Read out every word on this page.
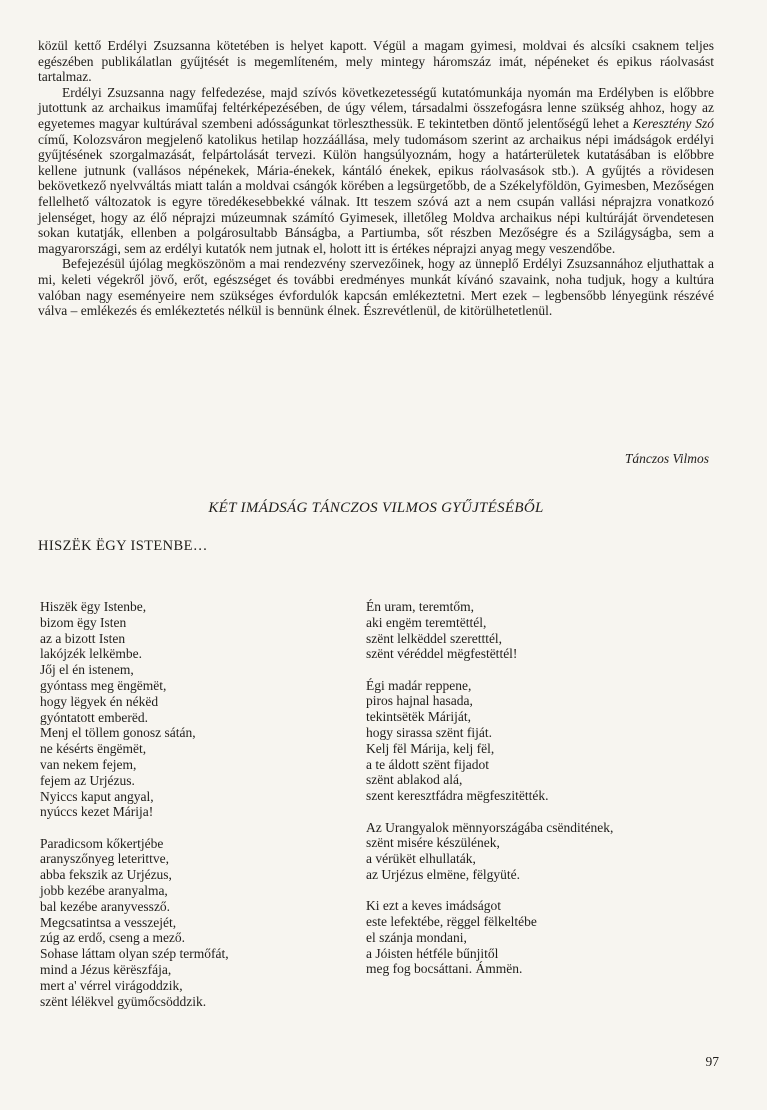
közül kettő Erdélyi Zsuzsanna kötetében is helyet kapott. Végül a magam gyimesi, moldvai és alcsíki csaknem teljes egészében publikálatlan gyűjtését is megemlíteném, mely mintegy háromszáz imát, népéneket és epikus ráolvasást tartalmaz.

Erdélyi Zsuzsanna nagy felfedezése, majd szívós következetességű kutatómunkája nyomán ma Erdélyben is előbbre jutottunk az archaikus imaműfaj feltérképezésében, de úgy vélem, társadalmi összefogásra lenne szükség ahhoz, hogy az egyetemes magyar kultúrával szembeni adósságunkat törleszthessük. E tekintetben döntő jelentőségű lehet a Keresztény Szó című, Kolozsváron megjelenő katolikus hetilap hozzáállása, mely tudomásom szerint az archaikus népi imádságok erdélyi gyűjtésének szorgalmazását, felpártolását tervezi. Külön hangsúlyoznám, hogy a határterületek kutatásában is előbbre kellene jutnunk (vallásos népénekek, Mária-énekek, kántáló énekek, epikus ráolvasások stb.). A gyűjtés a rövidesen bekövetkező nyelvváltás miatt talán a moldvai csángók körében a legsürgetőbb, de a Székelyföldön, Gyimesben, Mezőségen fellelhető változatok is egyre töredékesebbekké válnak. Itt teszem szóvá azt a nem csupán vallási néprajzra vonatkozó jelenséget, hogy az élő néprajzi múzeumnak számító Gyimesek, illetőleg Moldva archaikus népi kultúráját örvendetesen sokan kutatják, ellenben a polgárosultabb Bánságba, a Partiumba, sőt részben Mezőségre és a Szilágyságba, sem a magyarországi, sem az erdélyi kutatók nem jutnak el, holott itt is értékes néprajzi anyag megy veszendőbe.

Befejezésül újólag megköszönöm a mai rendezvény szervezőinek, hogy az ünneplő Erdélyi Zsuzsannához eljuthattak a mi, keleti végekről jövő, erőt, egészséget és további eredményes munkát kívánó szavaink, noha tudjuk, hogy a kultúra valóban nagy eseményeire nem szükséges évfordulók kapcsán emlékeztetni. Mert ezek – legbensőbb lényegünk részévé válva – emlékezés és emlékeztetés nélkül is bennünk élnek. Észrevétlenül, de kitörülhetetlenül.

Tánczos Vilmos
KÉT IMÁDSÁG TÁNCZOS VILMOS GYŰJTÉSÉBŐL
HISZËK ËGY ISTENBE…
Hiszëk ëgy Istenbe,
bizom ëgy Isten
az a bizott Isten
lakójzék lelkëmbe.
Jőj el én istenem,
gyóntass meg ëngëmët,
hogy lëgyek én nékëd
gyóntatott emberëd.
Menj el töllem gonosz sátán,
ne késérts ëngëmët,
van nekem fejem,
fejem az Urjézus.
Nyiccs kaput angyal,
nyúccs kezet Márija!
Paradicsom kőkertjébe
aranyszőnyeg leterittve,
abba fekszik az Urjézus,
jobb kezébe aranyalma,
bal kezébe aranyvessző.
Megcsatintsa a vesszejét,
zúg az erdő, cseng a mező.
Sohase láttam olyan szép termőfát,
mind a Jézus kërëszfája,
mert a' vérrel virágoddzik,
szënt lélëkvel gyümőcsöddzik.
Én uram, teremtőm,
aki engëm teremtëttél,
szënt lelkëddel szeretttél,
szënt véréddel mëgfestëttél!
Égi madár reppene,
piros hajnal hasada,
tekintsëtëk Máriját,
hogy sirassa szënt fiját.
Kelj fël Márija, kelj fël,
a te áldott szënt fijadot
szënt ablakod alá,
szent keresztfádra mëgfeszitëtték.
Az Urangyalok mënnyországába csënditének,
szënt misére készülének,
a vérükët elhullaták,
az Urjézus elmëne, fëlgyüté.
Ki ezt a keves imádságot
este lefektébe, rëggel fëlkeltébe
el szánja mondani,
a Jóisten hétféle bűnjitől
meg fog bocsáttani. Ámmën.
97
